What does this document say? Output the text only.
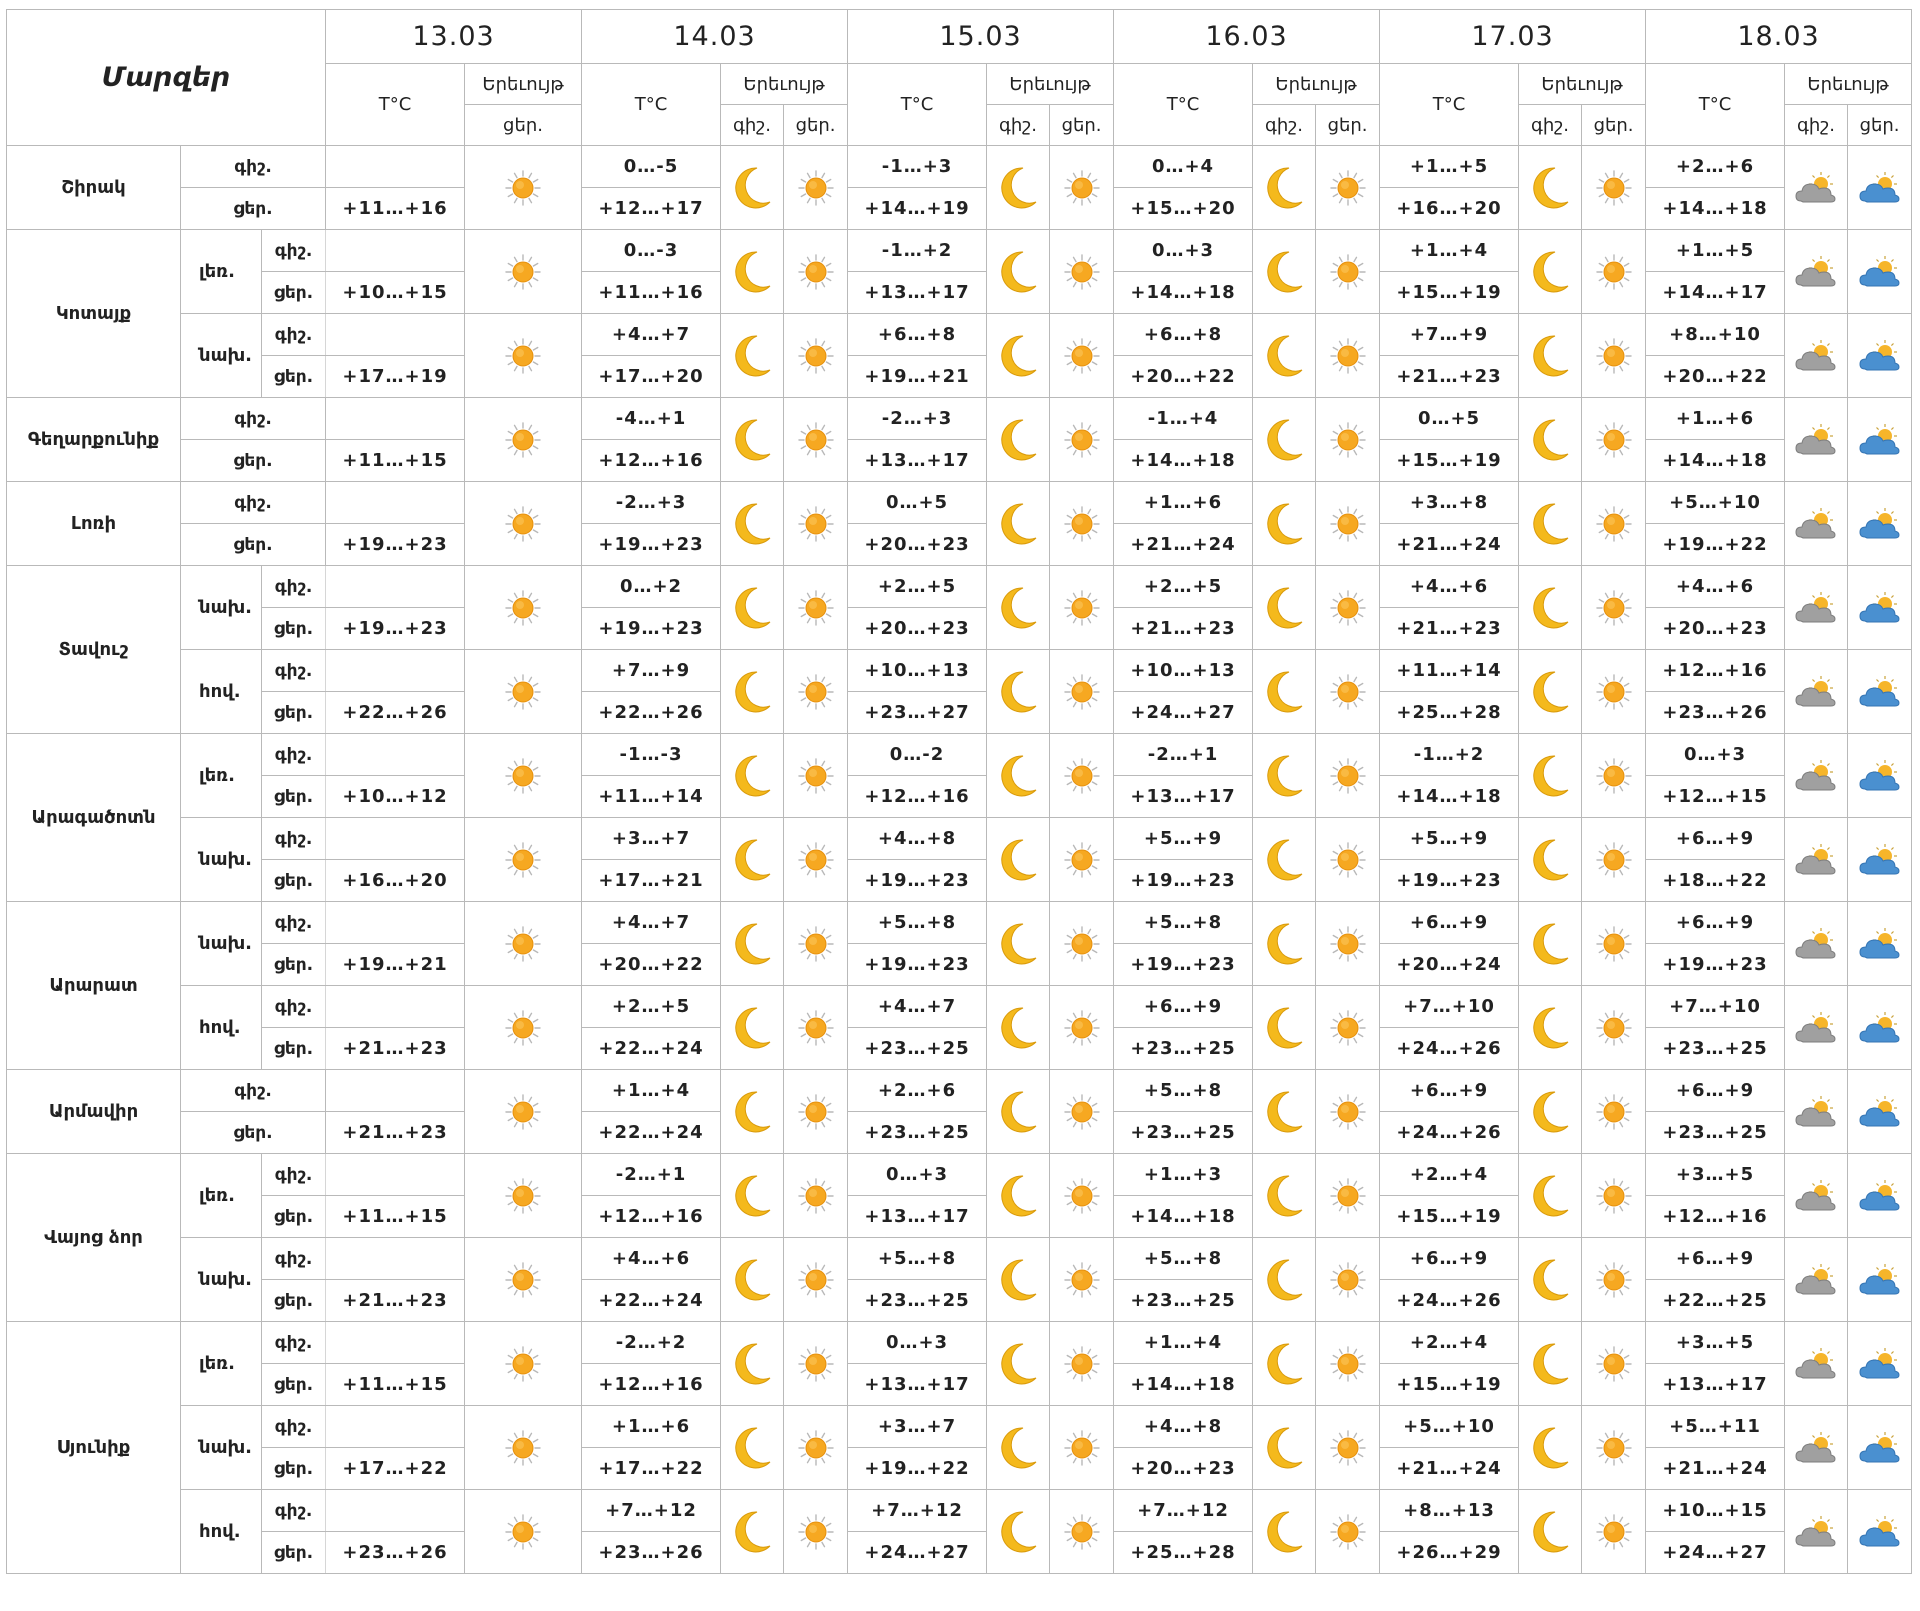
Մարզեր			13.03		14.03			15.03			16.03			17.03			18.03		
			T°C	Երեւույթ	T°C	Երեւույթ		T°C	Երեւույթ		T°C	Երեւույթ		T°C	Երեւույթ		T°C	Երեւույթ	
				ցեր.		գիշ.	ցեր.		գիշ.	ցեր.		գիշ.	ցեր.		գիշ.	ցեր.		գիշ.	ցեր.
Շիրակ	գիշ.				0…-5			-1…+3			0…+4			+1…+5			+2…+6	

	ցեր.		+11…+16		+12…+17			+14…+19			+15…+20			+16…+20			+14…+18		
Կոտայք	լեռ.	գիշ.			0…-3			-1…+2			0…+3			+1…+4			+1…+5	

		ցեր.	+10…+15		+11…+16			+13…+17			+14…+18			+15…+19			+14…+17		
	նախ.	գիշ.			+4…+7			+6…+8			+6…+8			+7…+9			+8…+10	

		ցեր.	+17…+19		+17…+20			+19…+21			+20…+22			+21…+23			+20…+22		
Գեղարքունիք	գիշ.				-4…+1			-2…+3			-1…+4			0…+5			+1…+6	

	ցեր.		+11…+15		+12…+16			+13…+17			+14…+18			+15…+19			+14…+18		
Լոռի	գիշ.				-2…+3			0…+5			+1…+6			+3…+8			+5…+10	

	ցեր.		+19…+23		+19…+23			+20…+23			+21…+24			+21…+24			+19…+22		
Տավուշ	նախ.	գիշ.			0…+2			+2…+5			+2…+5			+4…+6			+4…+6	

		ցեր.	+19…+23		+19…+23			+20…+23			+21…+23			+21…+23			+20…+23		
	հով.	գիշ.			+7…+9			+10…+13			+10…+13			+11…+14			+12…+16	

		ցեր.	+22…+26		+22…+26			+23…+27			+24…+27			+25…+28			+23…+26		
Արագածոտն	լեռ.	գիշ.			-1…-3			0…-2			-2…+1			-1…+2			0…+3	

		ցեր.	+10…+12		+11…+14			+12…+16			+13…+17			+14…+18			+12…+15		
	նախ.	գիշ.			+3…+7			+4…+8			+5…+9			+5…+9			+6…+9	

		ցեր.	+16…+20		+17…+21			+19…+23			+19…+23			+19…+23			+18…+22		
Արարատ	նախ.	գիշ.			+4…+7			+5…+8			+5…+8			+6…+9			+6…+9	

		ցեր.	+19…+21		+20…+22			+19…+23			+19…+23			+20…+24			+19…+23		
	հով.	գիշ.			+2…+5			+4…+7			+6…+9			+7…+10			+7…+10	

		ցեր.	+21…+23		+22…+24			+23…+25			+23…+25			+24…+26			+23…+25		
Արմավիր	գիշ.				+1…+4			+2…+6			+5…+8			+6…+9			+6…+9	

	ցեր.		+21…+23		+22…+24			+23…+25			+23…+25			+24…+26			+23…+25		
Վայոց ձոր	լեռ.	գիշ.			-2…+1			0…+3			+1…+3			+2…+4			+3…+5	

		ցեր.	+11…+15		+12…+16			+13…+17			+14…+18			+15…+19			+12…+16		
	նախ.	գիշ.			+4…+6			+5…+8			+5…+8			+6…+9			+6…+9	

		ցեր.	+21…+23		+22…+24			+23…+25			+23…+25			+24…+26			+22…+25		
Սյունիք	լեռ.	գիշ.			-2…+2			0…+3			+1…+4			+2…+4			+3…+5	

		ցեր.	+11…+15		+12…+16			+13…+17			+14…+18			+15…+19			+13…+17		
	նախ.	գիշ.			+1…+6			+3…+7			+4…+8			+5…+10			+5…+11	

		ցեր.	+17…+22		+17…+22			+19…+22			+20…+23			+21…+24			+21…+24		
	հով.	գիշ.			+7…+12			+7…+12			+7…+12			+8…+13			+10…+15	

		ցեր.	+23…+26		+23…+26			+24…+27			+25…+28			+26…+29			+24…+27		
